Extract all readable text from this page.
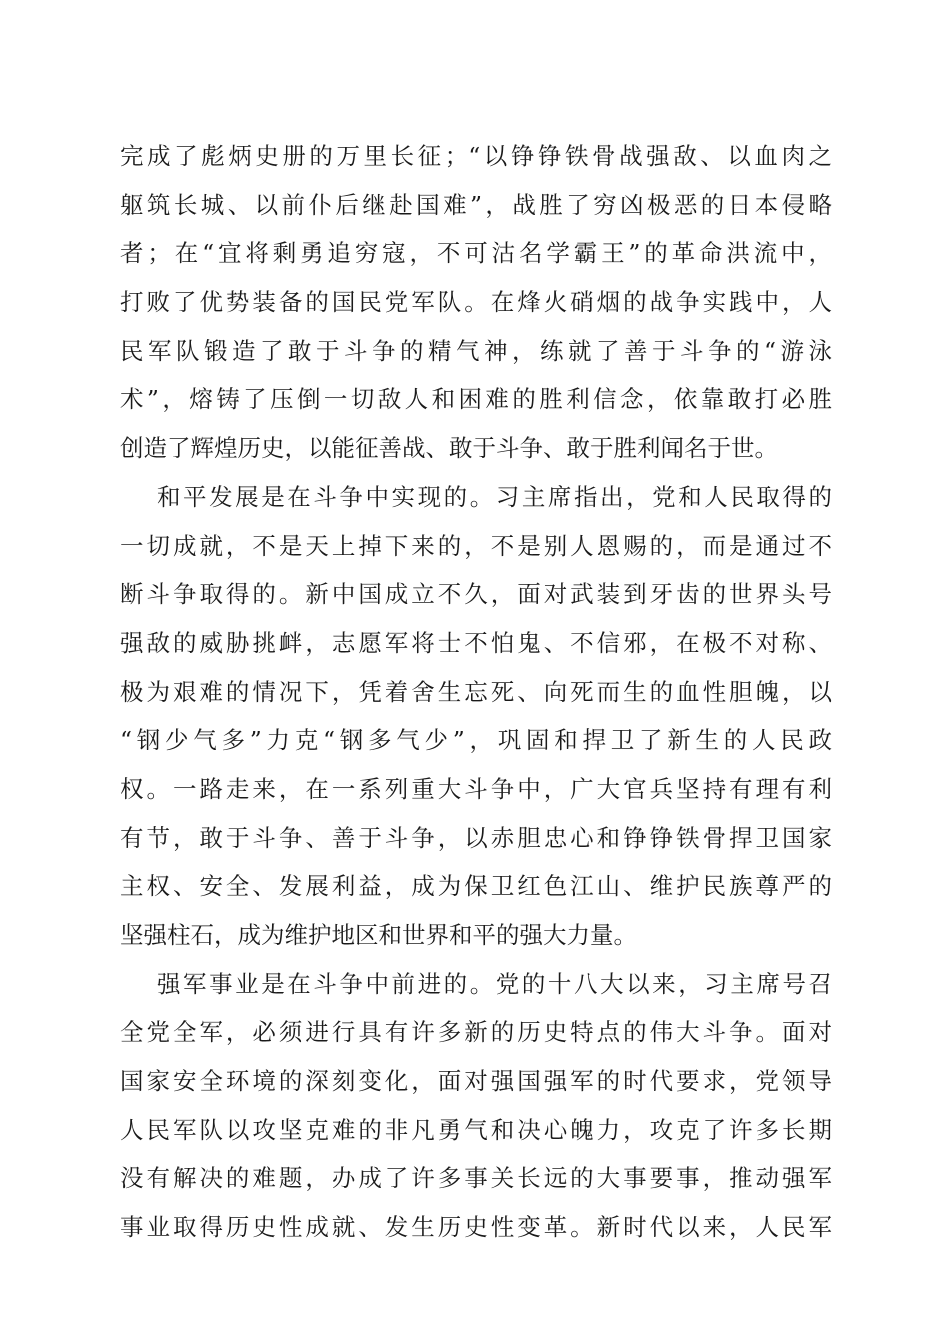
完成了彪炳史册的万里长征；“以铮铮铁骨战强敌、以血肉之
躯筑长城、以前仆后继赴国难”，战胜了穷凶极恶的日本侵略
者；在“宜将剩勇追穷寇，不可沽名学霸王”的革命洪流中，
打败了优势装备的国民党军队。在烽火硝烟的战争实践中，人
民军队锻造了敢于斗争的精气神，练就了善于斗争的“游泳
术”，熔铸了压倒一切敌人和困难的胜利信念，依靠敢打必胜
创造了辉煌历史，以能征善战、敢于斗争、敢于胜利闻名于世。
和平发展是在斗争中实现的。习主席指出，党和人民取得的
一切成就，不是天上掉下来的，不是别人恩赐的，而是通过不
断斗争取得的。新中国成立不久，面对武装到牙齿的世界头号
强敌的威胁挑衅，志愿军将士不怕鬼、不信邪，在极不对称、
极为艰难的情况下，凭着舍生忘死、向死而生的血性胆魄，以
“钢少气多”力克“钢多气少”，巩固和捍卫了新生的人民政
权。一路走来，在一系列重大斗争中，广大官兵坚持有理有利
有节，敢于斗争、善于斗争，以赤胆忠心和铮铮铁骨捍卫国家
主权、安全、发展利益，成为保卫红色江山、维护民族尊严的
坚强柱石，成为维护地区和世界和平的强大力量。
强军事业是在斗争中前进的。党的十八大以来，习主席号召
全党全军，必须进行具有许多新的历史特点的伟大斗争。面对
国家安全环境的深刻变化，面对强国强军的时代要求，党领导
人民军队以攻坚克难的非凡勇气和决心魄力，攻克了许多长期
没有解决的难题，办成了许多事关长远的大事要事，推动强军
事业取得历史性成就、发生历史性变革。新时代以来，人民军
